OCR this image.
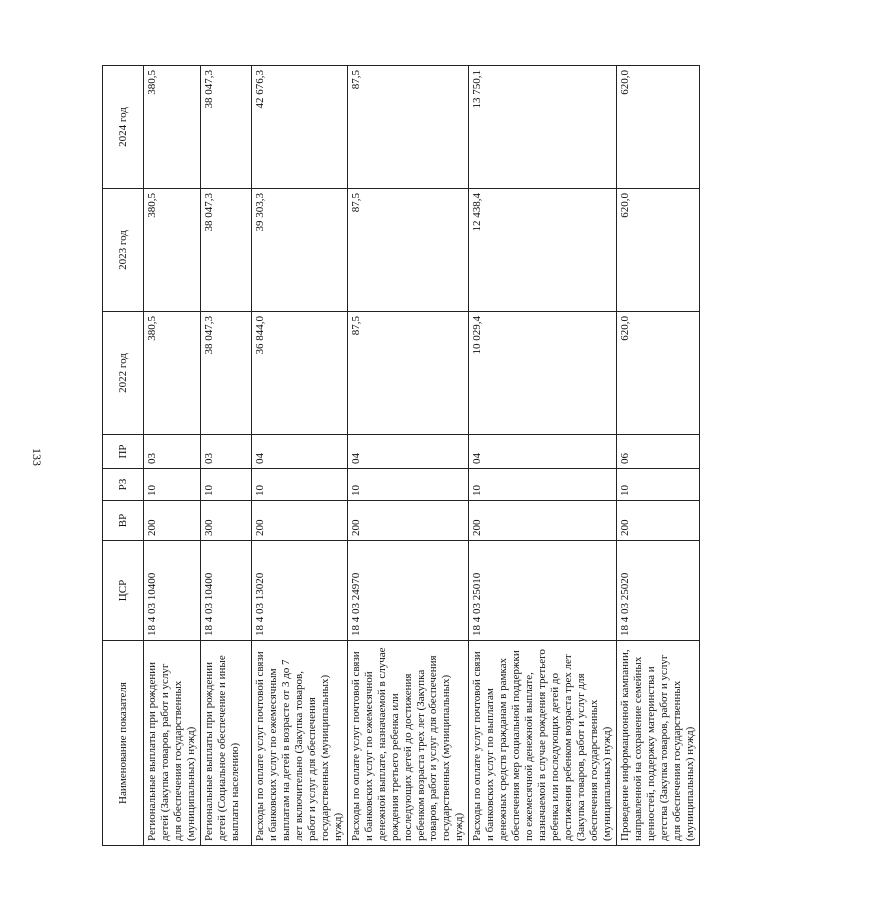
133
Наименование показателя	ЦСР	ВР	РЗ	ПР	2022 год	2023 год	2024 год
Региональные выплаты при рождении детей (Закупка товаров, работ и услуг для обеспечения государственных (муниципальных) нужд)	18 4 03 10400	200	10	03	380,5	380,5	380,5
Региональные выплаты при рождении детей (Социальное обеспечение и иные выплаты населению)	18 4 03 10400	300	10	03	38 047,3	38 047,3	38 047,3
Расходы по оплате услуг почтовой связи и банковских услуг по ежемесячным выплатам на детей в возрасте от 3 до 7 лет включительно (Закупка товаров, работ и услуг для обеспечения государственных (муниципальных) нужд)	18 4 03 13020	200	10	04	36 844,0	39 303,3	42 676,3
Расходы по оплате услуг почтовой связи и банковских услуг по ежемесячной денежной выплате, назначаемой в случае рождения третьего ребенка или последующих детей до достижения ребенком возраста трех лет (Закупка товаров, работ и услуг для обеспечения государственных (муниципальных) нужд)	18 4 03 24970	200	10	04	87,5	87,5	87,5
Расходы по оплате услуг почтовой связи и банковских услуг по выплатам денежных средств гражданам в рамках обеспечения мер социальной поддержки по ежемесячной денежной выплате, назначаемой в случае рождения третьего ребенка или последующих детей до достижения ребенком возраста трех лет (Закупка товаров, работ и услуг для обеспечения государственных (муниципальных) нужд)	18 4 03 25010	200	10	04	10 029,4	12 438,4	13 750,1
Проведение информационной кампании, направленной на сохранение семейных ценностей, поддержку материнства и детства (Закупка товаров, работ и услуг для обеспечения государственных (муниципальных) нужд)	18 4 03 25020	200	10	06	620,0	620,0	620,0
